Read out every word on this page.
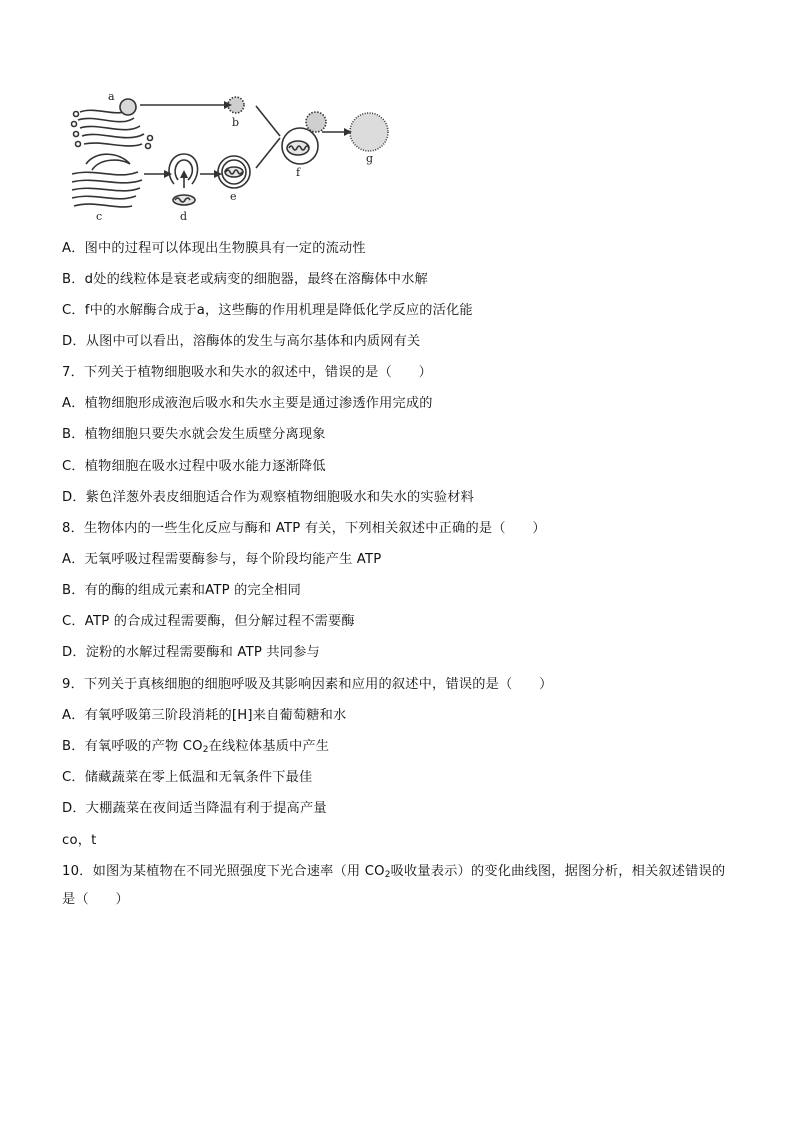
a
b
c	d
e
f
g
A．图中的过程可以体现出生物膜具有一定的流动性
B．d处的线粒体是衰老或病变的细胞器，最终在溶酶体中水解
C．f中的水解酶合成于a，这些酶的作用机理是降低化学反应的活化能
D．从图中可以看出，溶酶体的发生与高尔基体和内质网有关
7．下列关于植物细胞吸水和失水的叙述中，错误的是（　　）
A．植物细胞形成液泡后吸水和失水主要是通过渗透作用完成的
B．植物细胞只要失水就会发生质壁分离现象
C．植物细胞在吸水过程中吸水能力逐渐降低
D．紫色洋葱外表皮细胞适合作为观察植物细胞吸水和失水的实验材料
8．生物体内的一些生化反应与酶和 ATP 有关，下列相关叙述中正确的是（　　）
A．无氧呼吸过程需要酶参与，每个阶段均能产生 ATP
B．有的酶的组成元素和ATP 的完全相同
C．ATP 的合成过程需要酶，但分解过程不需要酶
D．淀粉的水解过程需要酶和 ATP 共同参与
9．下列关于真核细胞的细胞呼吸及其影响因素和应用的叙述中，错误的是（　　）
A．有氧呼吸第三阶段消耗的[H]来自葡萄糖和水
B．有氧呼吸的产物 $CO_2$在线粒体基质中产生
C．储藏蔬菜在零上低温和无氧条件下最佳
D．大棚蔬菜在夜间适当降温有利于提高产量
co，t
10．如图为某植物在不同光照强度下光合速率（用 $CO_2$吸收量表示）的变化曲线图，据图分析，相关叙述错误的是（　　）
